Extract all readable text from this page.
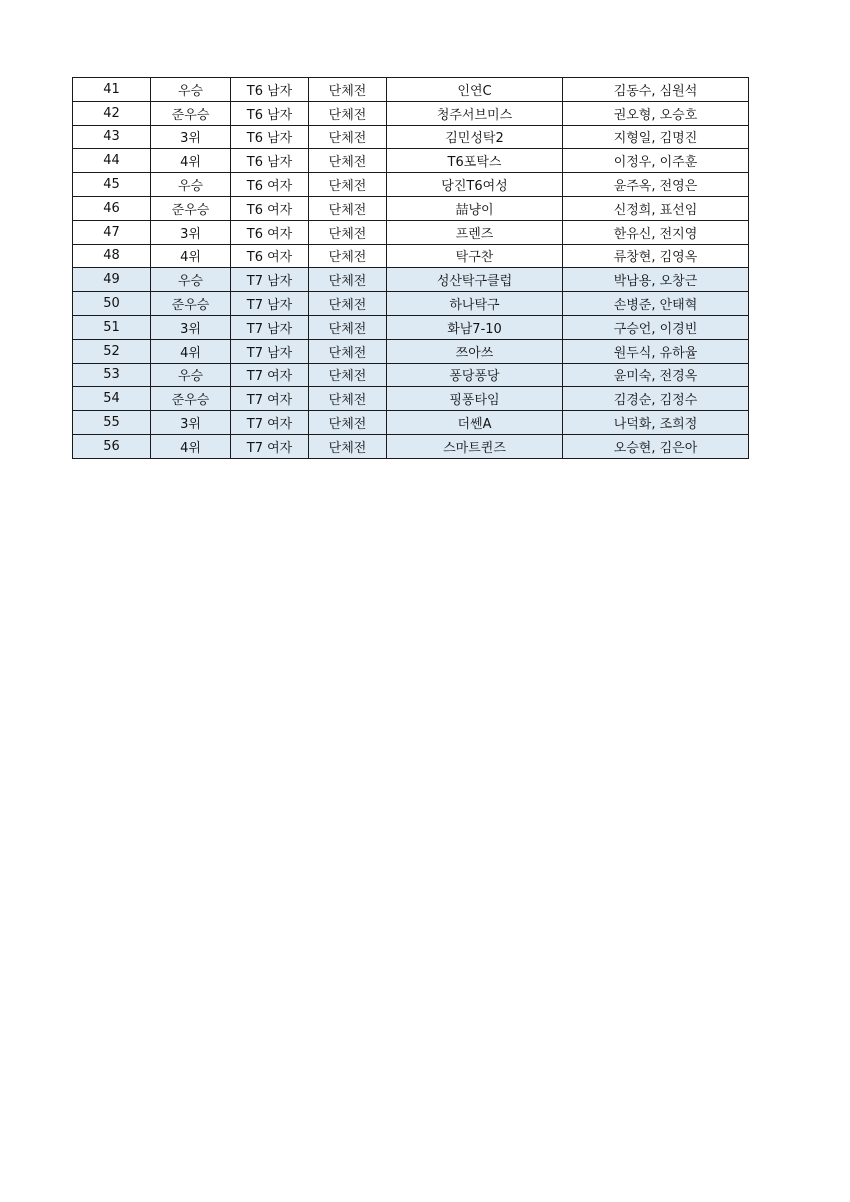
41	우승	T6 남자	단체전	인연C	김동수, 심원석
42	준우승	T6 남자	단체전	청주서브미스	권오형, 오승호
43	3위	T6 남자	단체전	김민성탁2	지형일, 김명진
44	4위	T6 남자	단체전	T6포탁스	이정우, 이주훈
45	우승	T6 여자	단체전	당진T6여성	윤주옥, 전영은
46	준우승	T6 여자	단체전	喆냥이	신정희, 표선임
47	3위	T6 여자	단체전	프렌즈	한유신, 전지영
48	4위	T6 여자	단체전	탁구찬	류창현, 김영옥
49	우승	T7 남자	단체전	성산탁구클럽	박남용, 오창근
50	준우승	T7 남자	단체전	하나탁구	손병준, 안태혁
51	3위	T7 남자	단체전	화남7-10	구승언, 이경빈
52	4위	T7 남자	단체전	쯔아쓰	원두식, 유하율
53	우승	T7 여자	단체전	퐁당퐁당	윤미숙, 전경옥
54	준우승	T7 여자	단체전	핑퐁타임	김경순, 김정수
55	3위	T7 여자	단체전	더쎈A	나덕화, 조희정
56	4위	T7 여자	단체전	스마트퀸즈	오승현, 김은아
